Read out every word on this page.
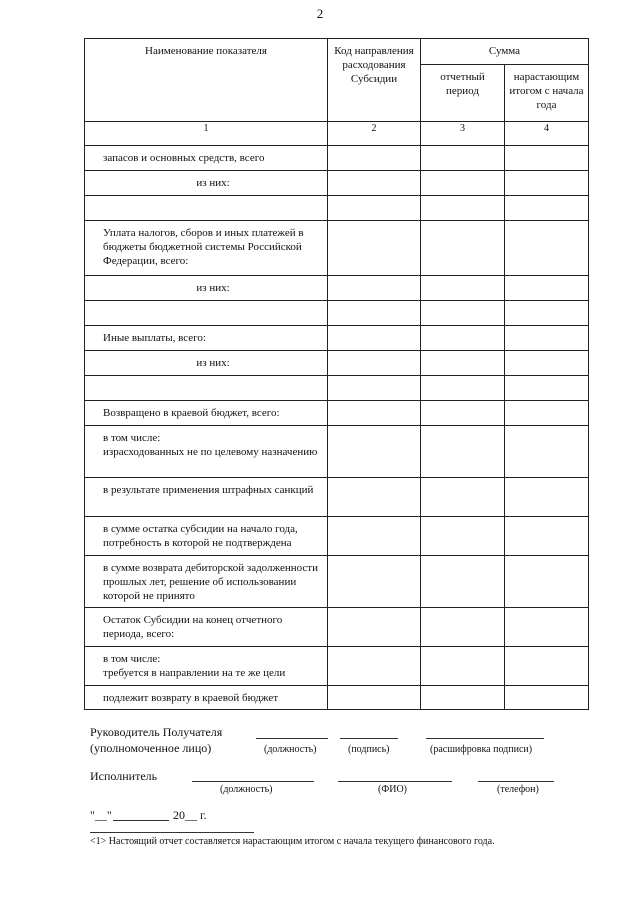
2
Наименование показателя	Код направления расходования Субсидии	Сумма	
		отчетный период	нарастающим итогом с начала года
1	2	3	4
запасов и основных средств, всего			
из них:			

Уплата налогов, сборов и иных платежей в бюджеты бюджетной системы Российской Федерации, всего:			
из них:			

Иные выплаты, всего:			
из них:			

Возвращено в краевой бюджет, всего:			
в том числе:
израсходованных не по целевому назначению			
в результате применения штрафных санкций			
в сумме остатка субсидии на начало года, потребность в которой не подтверждена			
в сумме возврата дебиторской задолженности прошлых лет, решение об использовании которой не принято			
Остаток Субсидии на конец отчетного периода, всего:			
в том числе:
требуется в направлении на те же цели			
подлежит возврату в краевой бюджет			
Руководитель Получателя
(уполномоченное лицо)	(должность)	(подпись)	(расшифровка подписи)
Исполнитель
(должность)	(ФИО)	(телефон)
"__"	20__ г.
<1> Настоящий отчет составляется нарастающим итогом с начала текущего финансового года.
